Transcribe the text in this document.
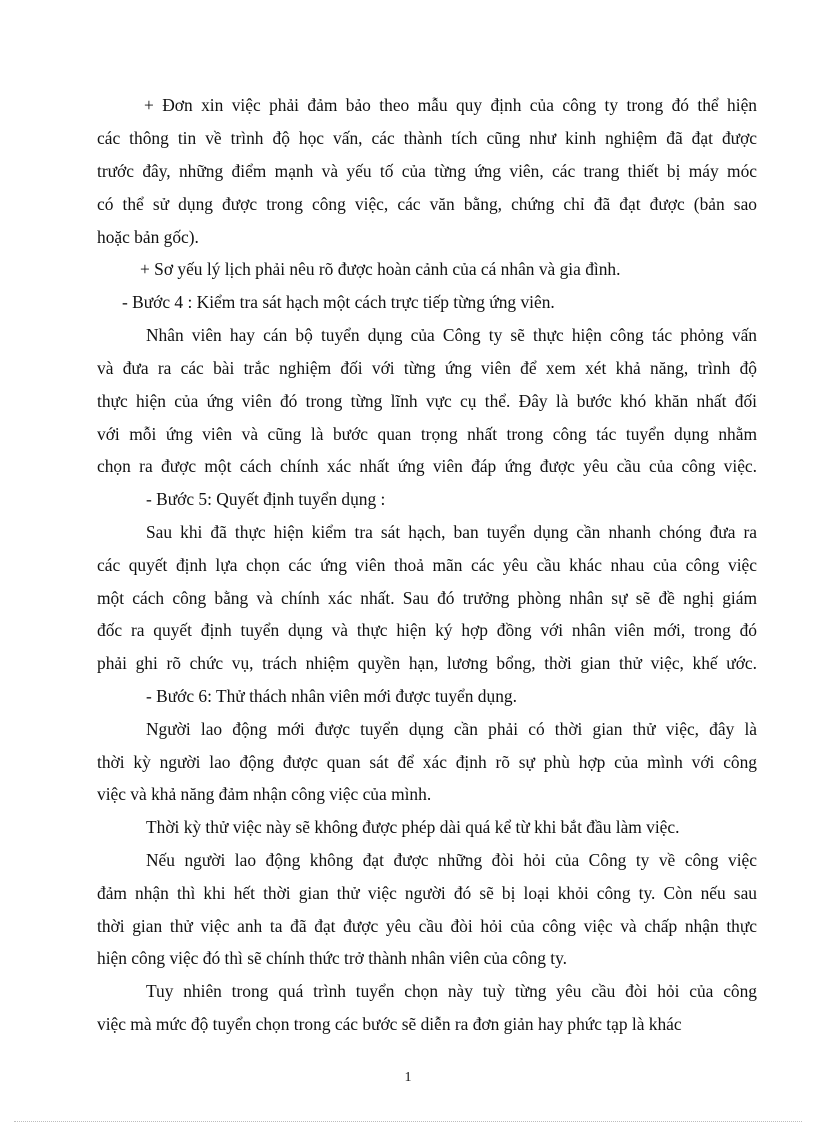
+ Đơn xin việc phải đảm bảo theo mẫu quy định của công ty trong đó thể hiện
các thông tin về trình độ học vấn, các thành tích cũng như kinh nghiệm đã đạt được
trước đây, những điểm mạnh và yếu tố của từng ứng viên, các trang thiết bị máy móc
có thể sử dụng được trong công việc, các văn bằng, chứng chỉ đã đạt được (bản sao
hoặc bản gốc).
+ Sơ yếu lý lịch phải nêu rõ được hoàn cảnh của cá nhân và gia đình.
- Bước 4 : Kiểm tra sát hạch một cách trực tiếp từng ứng viên.
Nhân viên hay cán bộ tuyển dụng của Công ty sẽ thực hiện công tác phỏng vấn
và đưa ra các bài trắc nghiệm đối với từng ứng viên để xem xét khả năng, trình độ
thực hiện của ứng viên đó trong từng lĩnh vực cụ thể. Đây là bước khó khăn nhất đối
với mỗi ứng viên và cũng là bước quan trọng nhất trong công tác tuyển dụng nhằm
chọn ra được một cách chính xác nhất ứng viên đáp ứng được yêu cầu của công việc.
- Bước 5: Quyết định tuyển dụng :
Sau khi đã thực hiện kiểm tra sát hạch, ban tuyển dụng cần nhanh chóng đưa ra
các quyết định lựa chọn các ứng viên thoả mãn các yêu cầu khác nhau của công việc
một cách công bằng và chính xác nhất. Sau đó trưởng phòng nhân sự sẽ đề nghị giám
đốc ra quyết định tuyển dụng và thực hiện ký hợp đồng với nhân viên mới, trong đó
phải ghi rõ chức vụ, trách nhiệm quyền hạn, lương bổng, thời gian thử việc, khế ước.
- Bước 6: Thử thách nhân viên mới được tuyển dụng.
Người lao động mới được tuyển dụng cần phải có thời gian thử việc, đây là
thời kỳ người lao động được quan sát để xác định rõ sự phù hợp của mình với công
việc và khả năng đảm nhận công việc của mình.
Thời kỳ thử việc này sẽ không được phép dài quá kể từ khi bắt đầu làm việc.
Nếu người lao động không đạt được những đòi hỏi của Công ty về công việc
đảm nhận thì khi hết thời gian thử việc người đó sẽ bị loại khỏi công ty. Còn nếu sau
thời gian thử việc anh ta đã đạt được yêu cầu đòi hỏi của công việc và chấp nhận thực
hiện công việc đó thì sẽ chính thức trở thành nhân viên của công ty.
Tuy nhiên trong quá trình tuyển chọn này tuỳ từng yêu cầu đòi hỏi của công
việc mà mức độ tuyển chọn trong các bước sẽ diễn ra đơn giản hay phức tạp là khác
1
